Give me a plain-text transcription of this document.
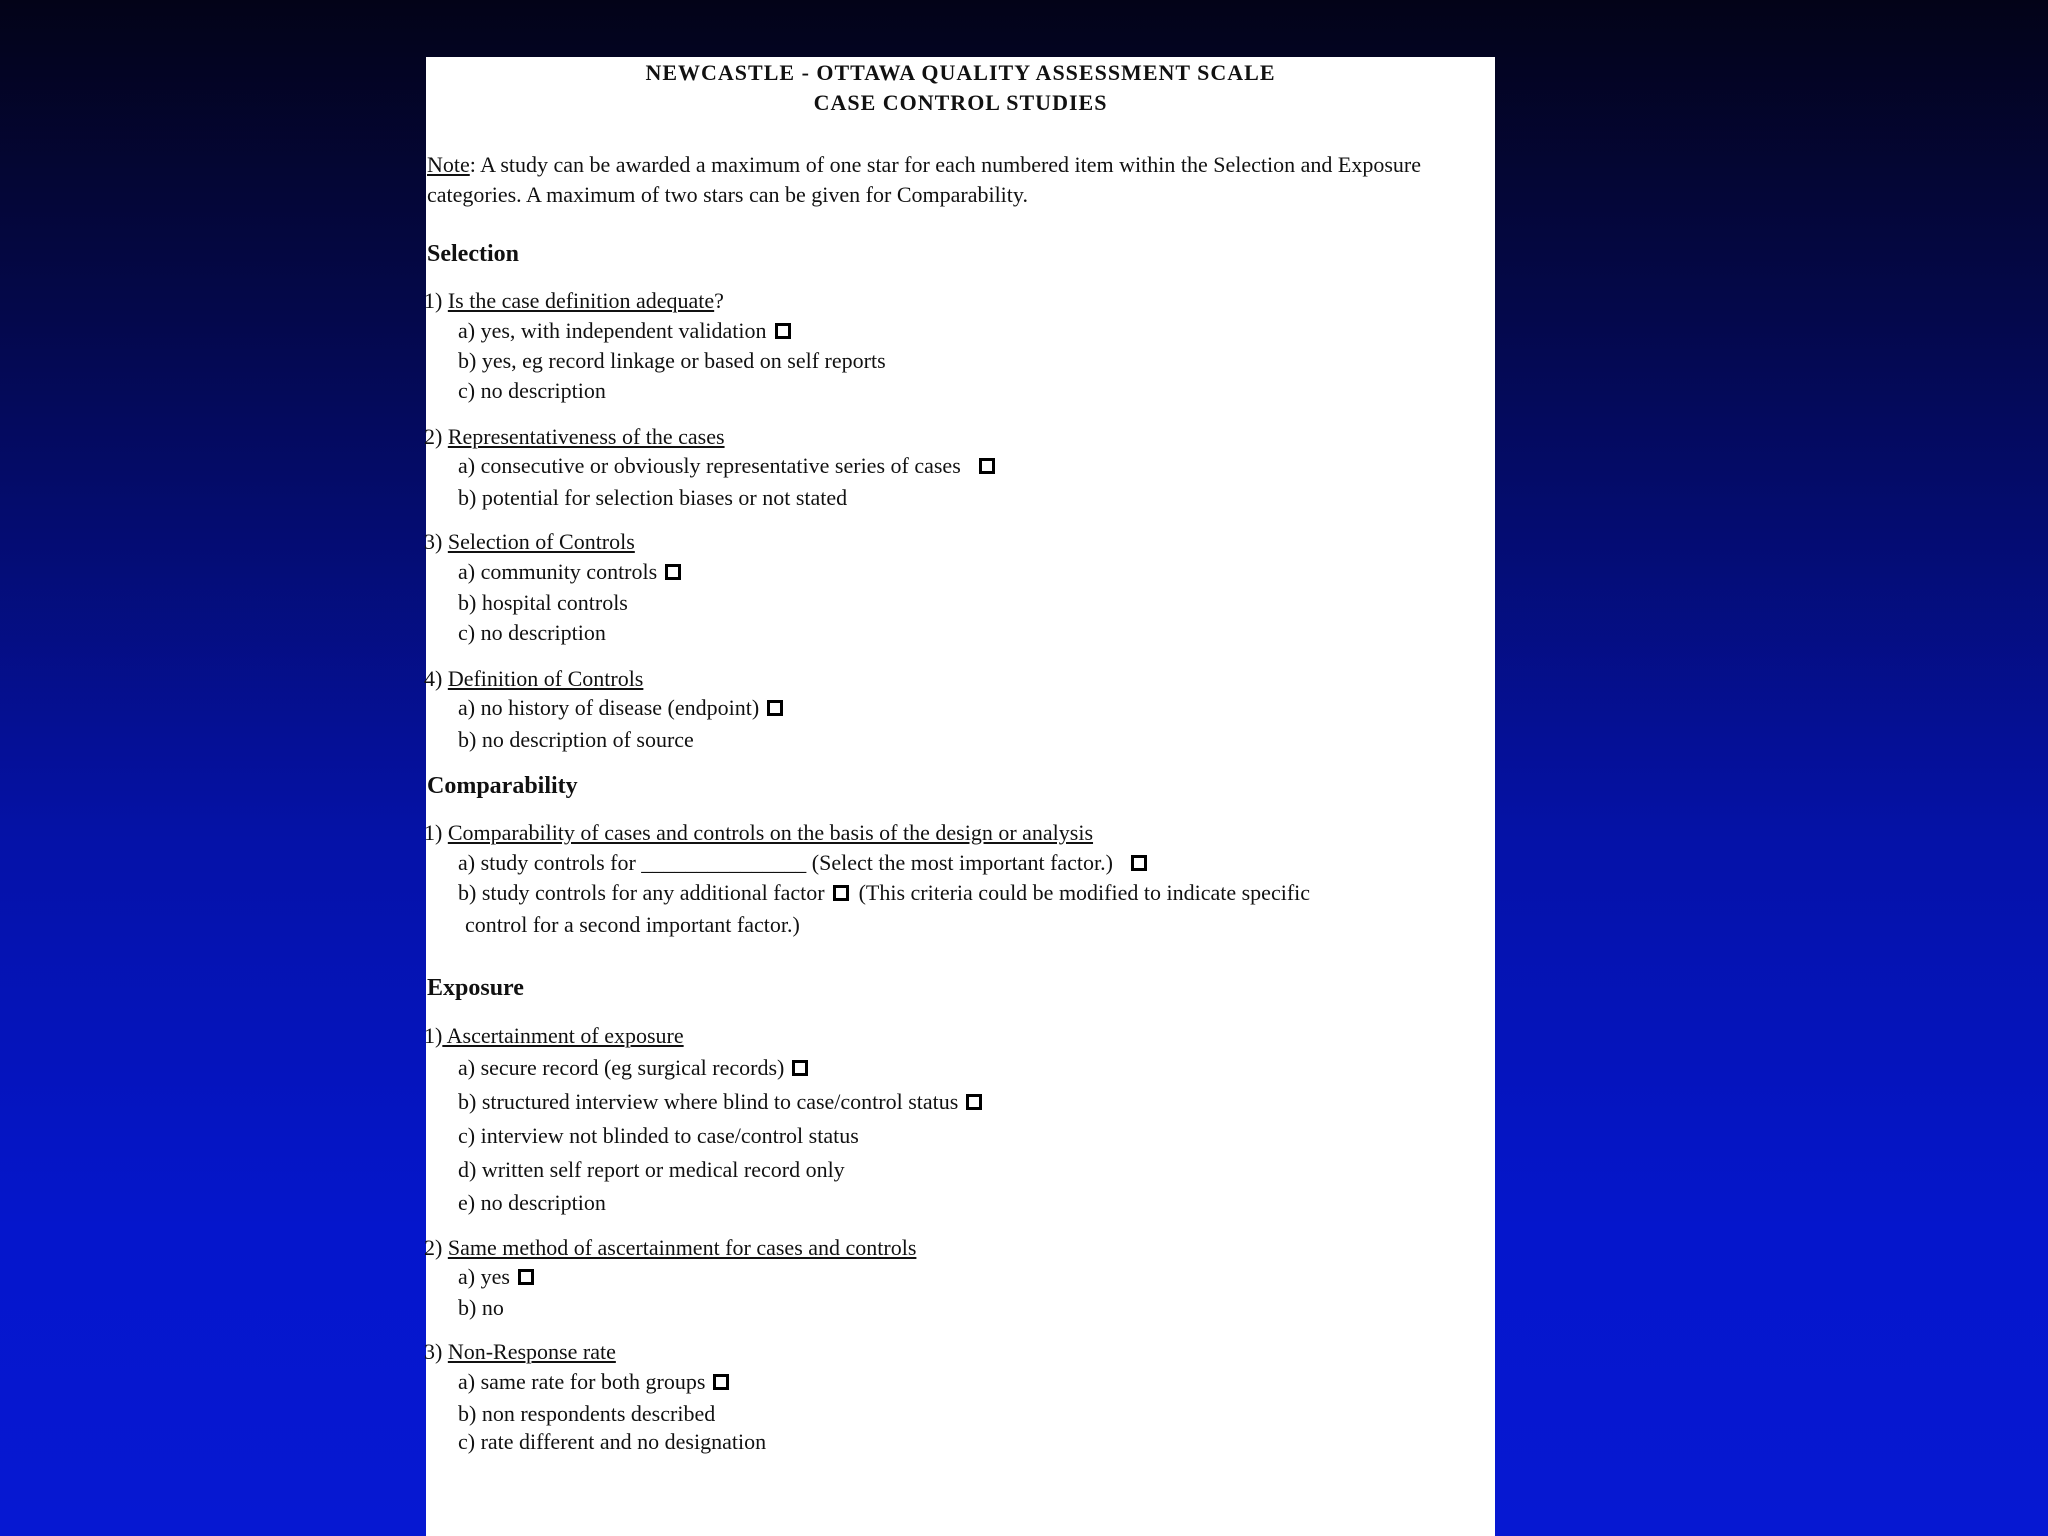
NEWCASTLE - OTTAWA QUALITY ASSESSMENT SCALE
CASE CONTROL STUDIES
Note: A study can be awarded a maximum of one star for each numbered item within the Selection and Exposure categories. A maximum of two stars can be given for Comparability.
Selection
1) Is the case definition adequate?
a) yes, with independent validation
b) yes, eg record linkage or based on self reports
c) no description
2) Representativeness of the cases
a) consecutive or obviously representative series of cases
b) potential for selection biases or not stated
3) Selection of Controls
a) community controls
b) hospital controls
c) no description
4) Definition of Controls
a) no history of disease (endpoint)
b) no description of source
Comparability
1) Comparability of cases and controls on the basis of the design or analysis
a) study controls for _______________ (Select the most important factor.)
b) study controls for any additional factor (This criteria could be modified to indicate specific
control for a second important factor.)
Exposure
1) Ascertainment of exposure
a) secure record (eg surgical records)
b) structured interview where blind to case/control status
c) interview not blinded to case/control status
d) written self report or medical record only
e) no description
2) Same method of ascertainment for cases and controls
a) yes
b) no
3) Non-Response rate
a) same rate for both groups
b) non respondents described
c) rate different and no designation
